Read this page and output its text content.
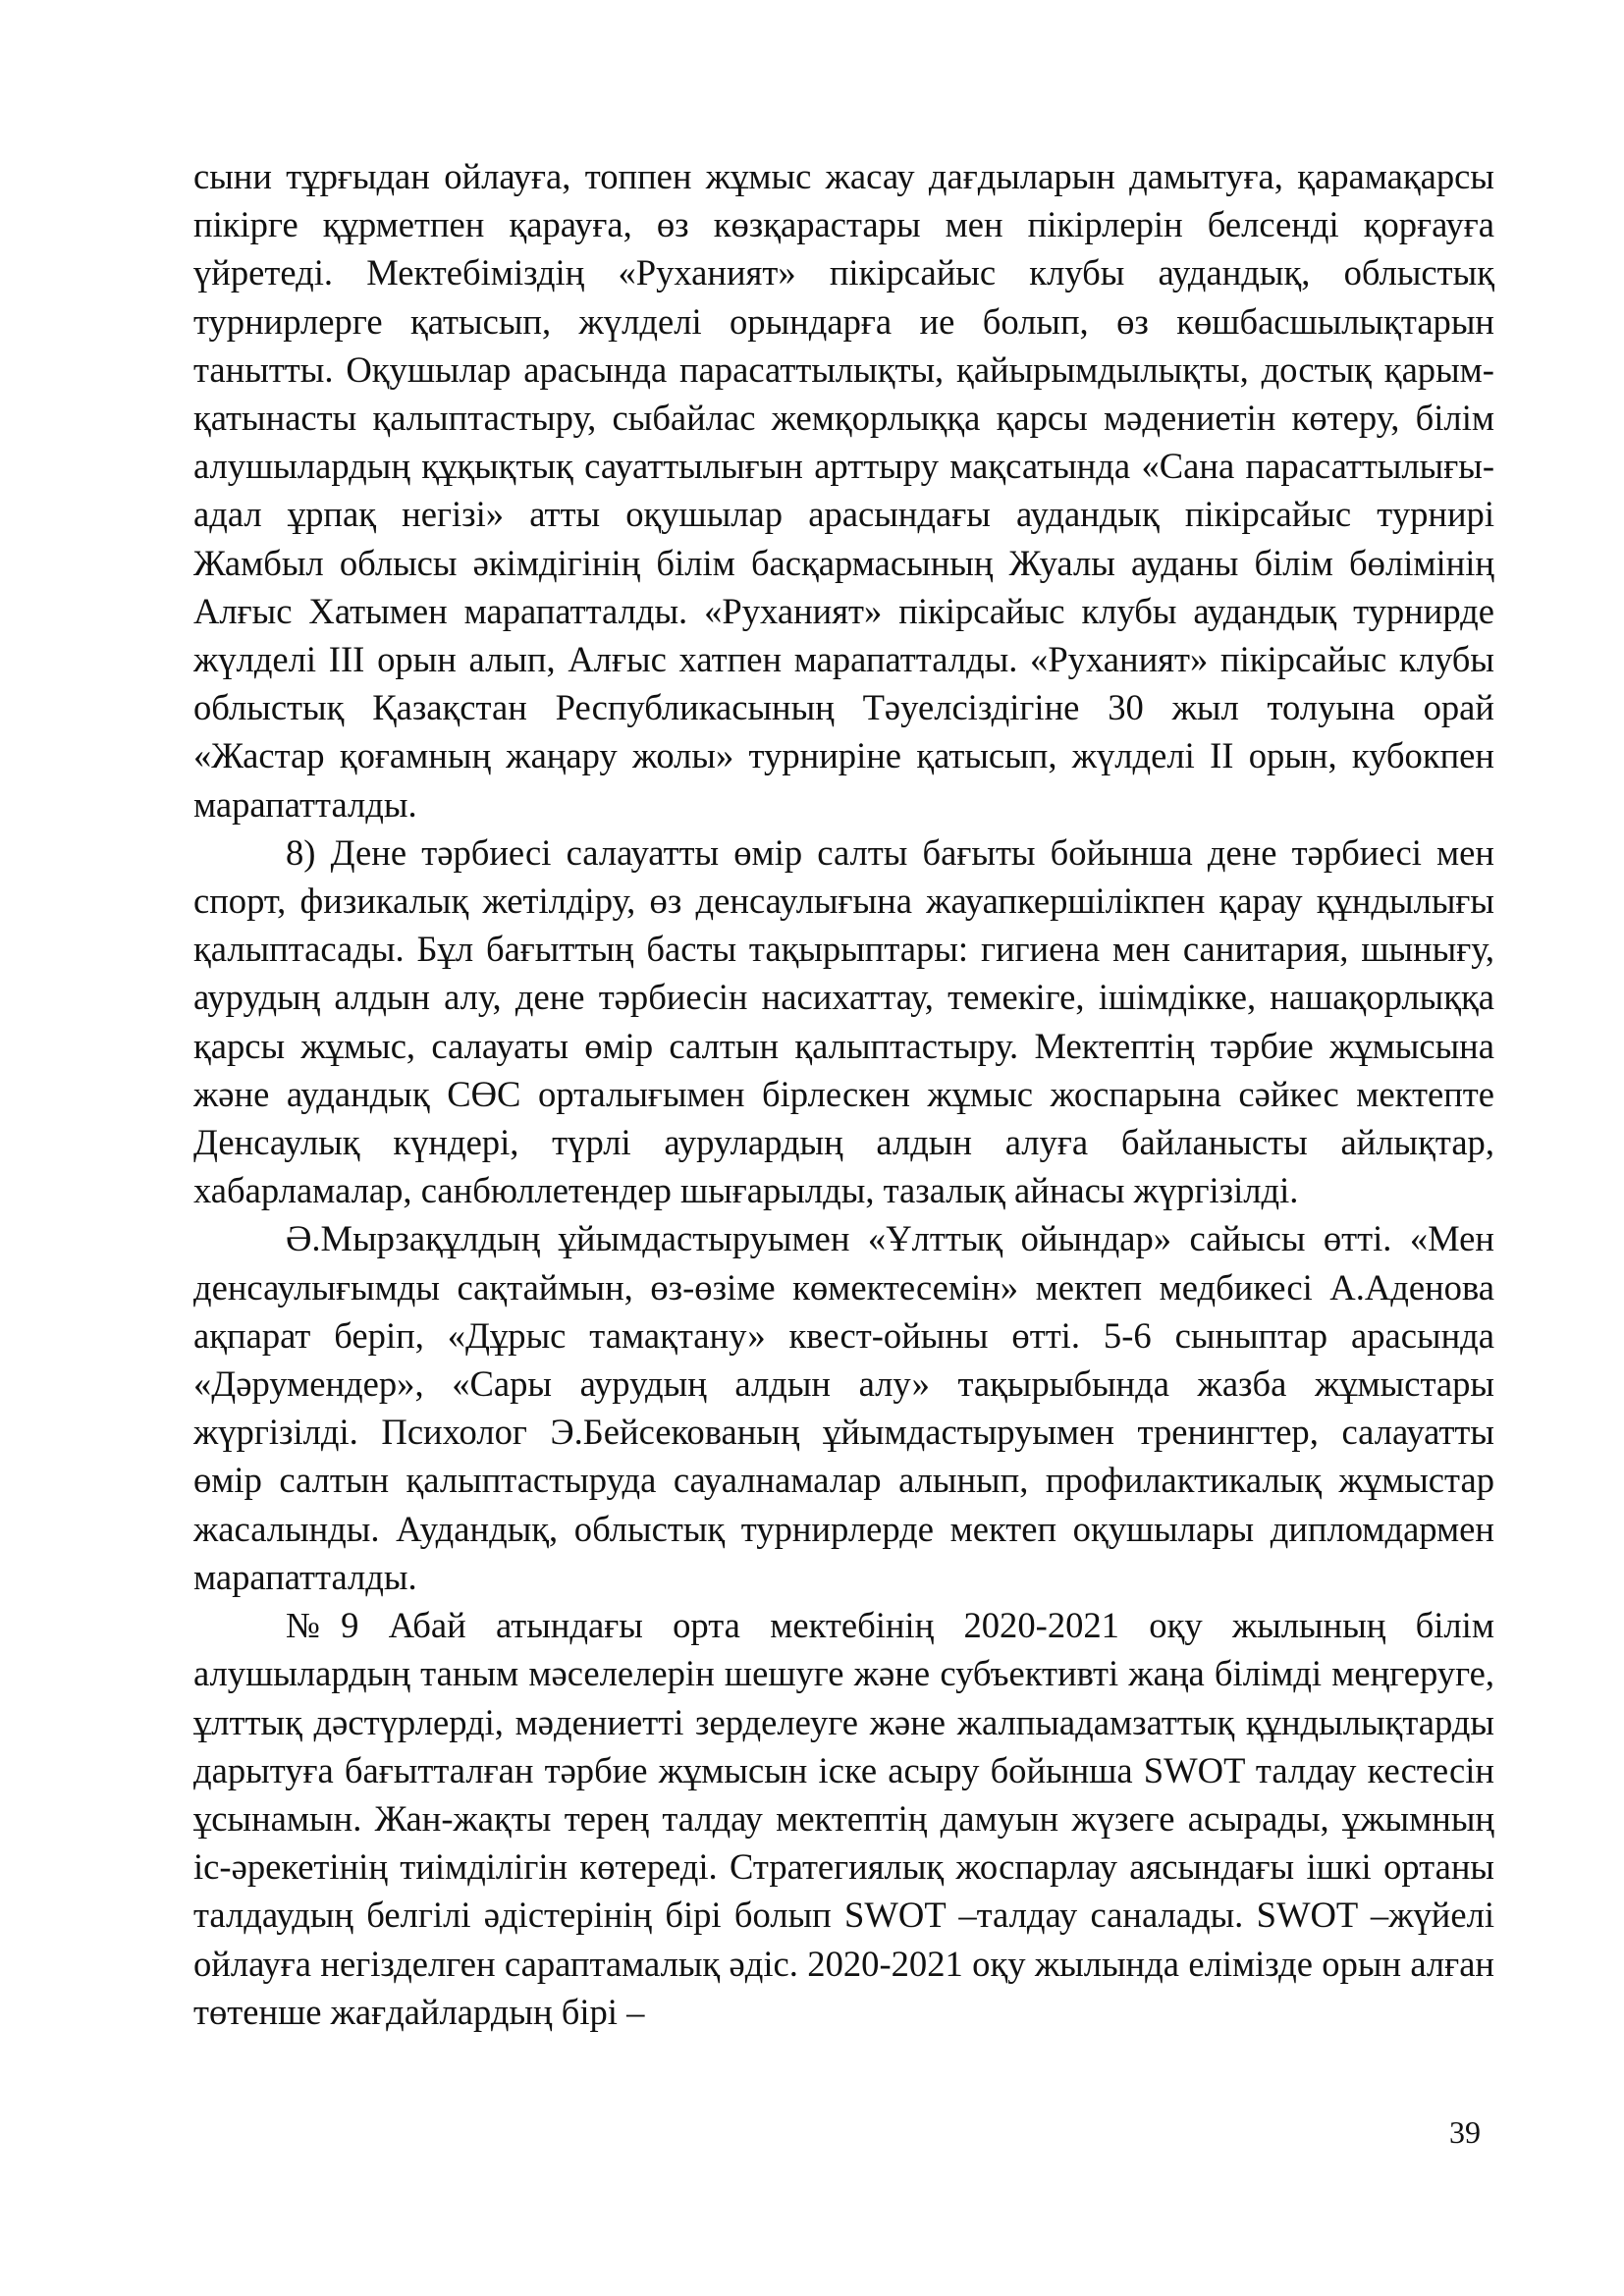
сыни тұрғыдан ойлауға, топпен жұмыс жасау дағдыларын дамытуға, қарамақарсы пікірге құрметпен қарауға, өз көзқарастары мен пікірлерін белсенді қорғауға үйретеді. Мектебіміздің «Руханият» пікірсайыс клубы аудандық, облыстық турнирлерге қатысып, жүлделі орындарға ие болып, өз көшбасшылықтарын танытты. Оқушылар арасында парасаттылықты, қайырымдылықты, достық қарым-қатынасты қалыптастыру, сыбайлас жемқорлыққа қарсы мәдениетін көтеру, білім алушылардың құқықтық сауаттылығын арттыру мақсатында «Сана парасаттылығы-адал ұрпақ негізі» атты оқушылар арасындағы аудандық пікірсайыс турнирі Жамбыл облысы әкімдігінің білім басқармасының Жуалы ауданы білім бөлімінің Алғыс Хатымен марапатталды. «Руханият» пікірсайыс клубы аудандық турнирде жүлделі ІІІ орын алып, Алғыс хатпен марапатталды. «Руханият» пікірсайыс клубы облыстық Қазақстан Республикасының Тәуелсіздігіне 30 жыл толуына орай «Жастар қоғамның жаңару жолы» турниріне қатысып, жүлделі ІІ орын, кубокпен марапатталды.

8) Дене тәрбиесі салауатты өмір салты бағыты бойынша дене тәрбиесі мен спорт, физикалық жетілдіру, өз денсаулығына жауапкершілікпен қарау құндылығы қалыптасады. Бұл бағыттың басты тақырыптары: гигиена мен санитария, шынығу, аурудың алдын алу, дене тәрбиесін насихаттау, темекіге, ішімдікке, нашақорлыққа қарсы жұмыс, салауаты өмір салтын қалыптастыру. Мектептің тәрбие жұмысына және аудандық СӨС орталығымен бірлескен жұмыс жоспарына сәйкес мектепте Денсаулық күндері, түрлі аурулардың алдын алуға байланысты айлықтар, хабарламалар, санбюллетендер шығарылды, тазалық айнасы жүргізілді.

Ә.Мырзақұлдың ұйымдастыруымен «Ұлттық ойындар» сайысы өтті. «Мен денсаулығымды сақтаймын, өз-өзіме көмектесемін» мектеп медбикесі А.Аденова ақпарат беріп, «Дұрыс тамақтану» квест-ойыны өтті. 5-6 сыныптар арасында «Дәрумендер», «Сары аурудың алдын алу» тақырыбында жазба жұмыстары жүргізілді. Психолог Э.Бейсекованың ұйымдастыруымен тренингтер, салауатты өмір салтын қалыптастыруда сауалнамалар алынып, профилактикалық жұмыстар жасалынды. Аудандық, облыстық турнирлерде мектеп оқушылары дипломдармен марапатталды.

№9 Абай атындағы орта мектебінің 2020-2021 оқу жылының білім алушылардың таным мәселелерін шешуге және субъективті жаңа білімді меңгеруге, ұлттық дәстүрлерді, мәдениетті зерделеуге және жалпыадамзаттық құндылықтарды дарытуға бағытталған тәрбие жұмысын іске асыру бойынша SWOT талдау кестесін ұсынамын. Жан-жақты терең талдау мектептің дамуын жүзеге асырады, ұжымның іс-әрекетінің тиімділігін көтереді. Стратегиялық жоспарлау аясындағы ішкі ортаны талдаудың белгілі әдістерінің бірі болып SWOT –талдау саналады. SWOT –жүйелі ойлауға негізделген сараптамалық әдіс. 2020-2021 оқу жылында елімізде орын алған төтенше жағдайлардың бірі –

39
